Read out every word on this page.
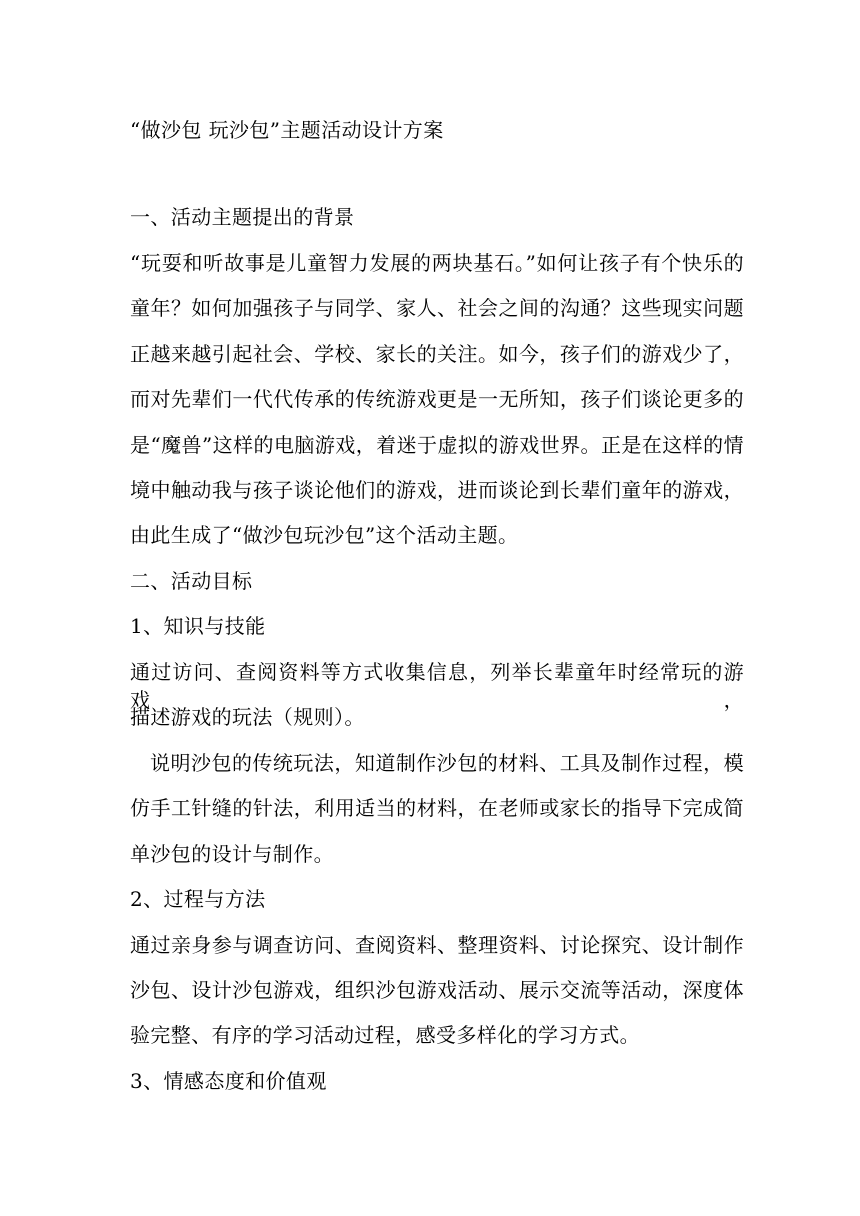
“做沙包 玩沙包”主题活动设计方案
一、活动主题提出的背景
“玩耍和听故事是儿童智力发展的两块基石。”如何让孩子有个快乐的
童年？如何加强孩子与同学、家人、社会之间的沟通？这些现实问题
正越来越引起社会、学校、家长的关注。如今，孩子们的游戏少了，
而对先辈们一代代传承的传统游戏更是一无所知，孩子们谈论更多的
是“魔兽”这样的电脑游戏，着迷于虚拟的游戏世界。正是在这样的情
境中触动我与孩子谈论他们的游戏，进而谈论到长辈们童年的游戏，
由此生成了“做沙包玩沙包”这个活动主题。
二、活动目标
1、知识与技能
通过访问、查阅资料等方式收集信息，列举长辈童年时经常玩的游戏，
描述游戏的玩法（规则）。
说明沙包的传统玩法，知道制作沙包的材料、工具及制作过程，模
仿手工针缝的针法，利用适当的材料，在老师或家长的指导下完成简
单沙包的设计与制作。
2、过程与方法
通过亲身参与调查访问、查阅资料、整理资料、讨论探究、设计制作
沙包、设计沙包游戏，组织沙包游戏活动、展示交流等活动，深度体
验完整、有序的学习活动过程，感受多样化的学习方式。
3、情感态度和价值观
